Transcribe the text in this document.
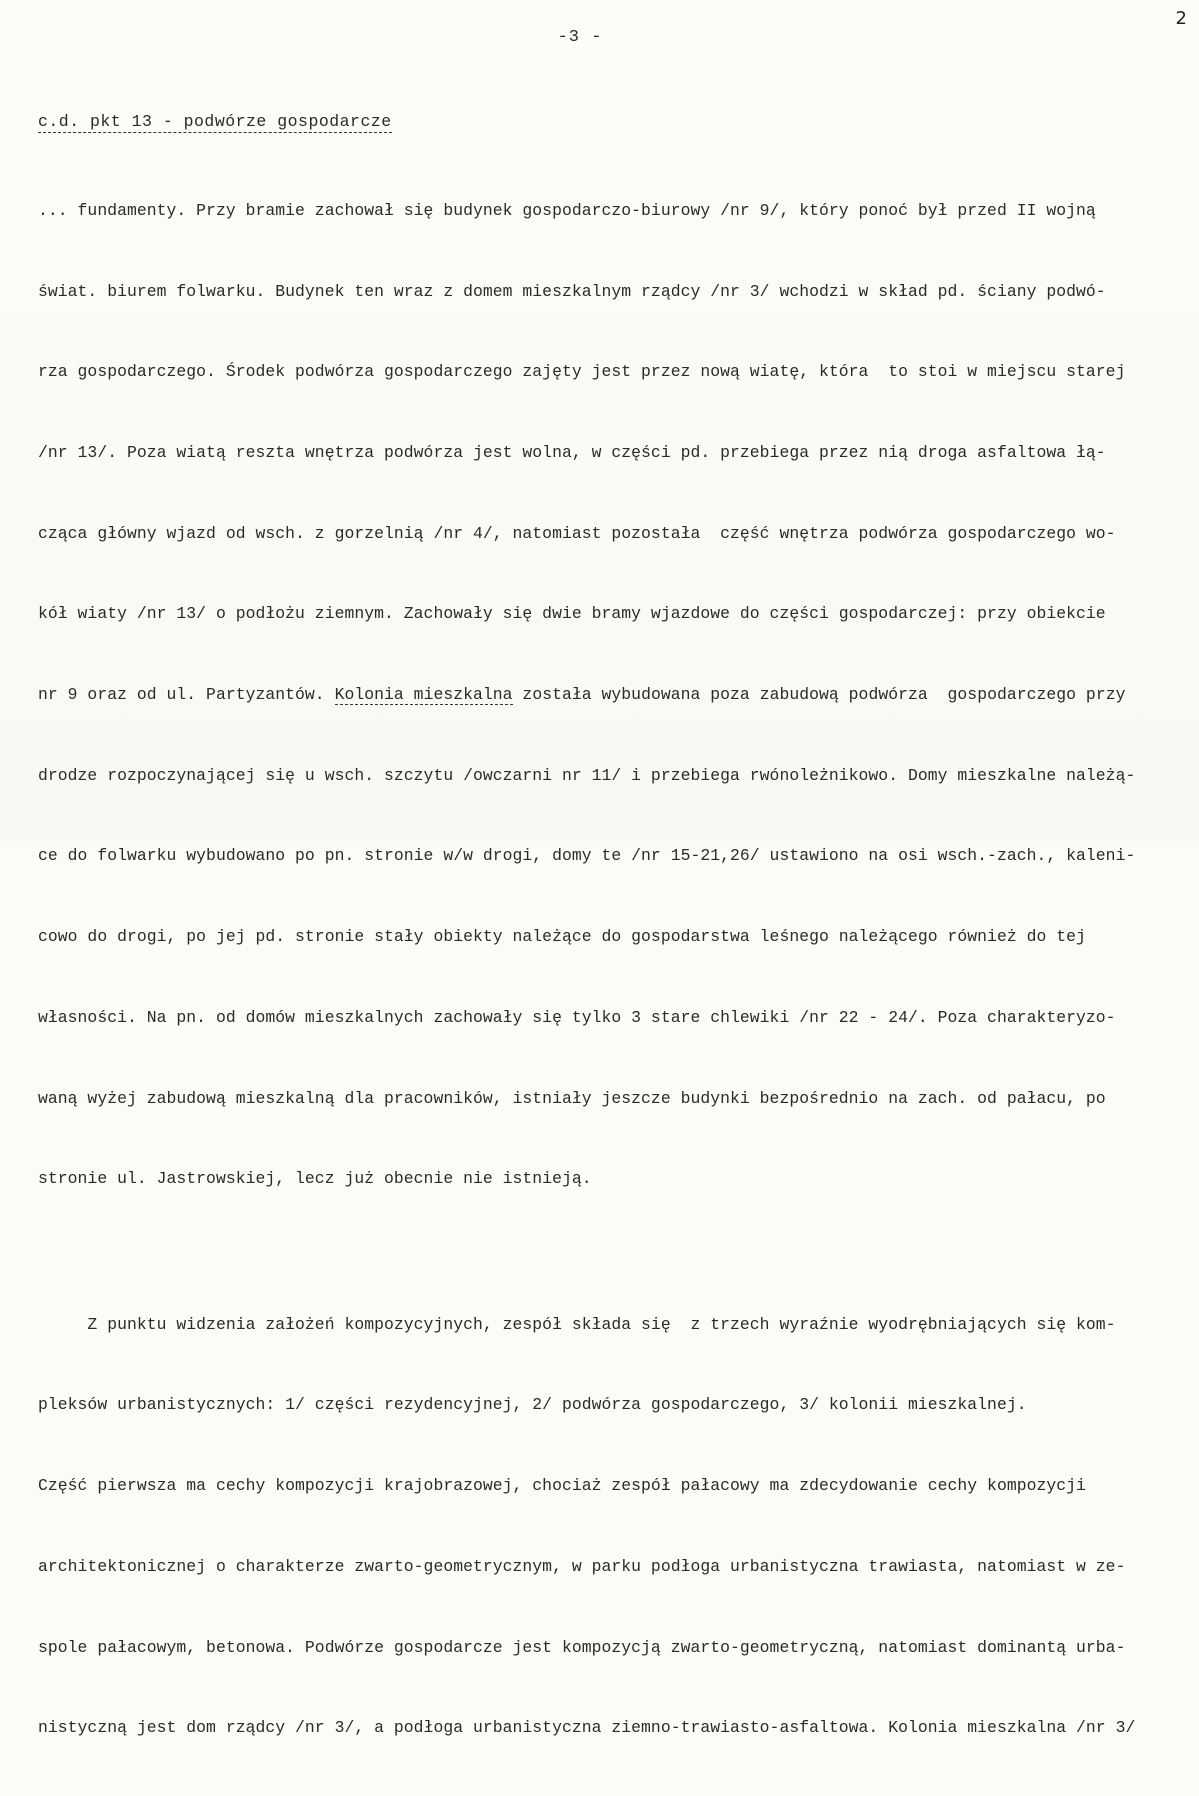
2
-3 -
c.d. pkt 13 - podwórze gospodarcze

... fundamenty. Przy bramie zachował się budynek gospodarczo-biurowy /nr 9/, który ponoć był przed II wojną

świat. biurem folwarku. Budynek ten wraz z domem mieszkalnym rządcy /nr 3/ wchodzi w skład pd. ściany podwó-

rza gospodarczego. Środek podwórza gospodarczego zajęty jest przez nową wiatę, która  to stoi w miejscu starej

/nr 13/. Poza wiatą reszta wnętrza podwórza jest wolna, w części pd. przebiega przez nią droga asfaltowa łą-

cząca główny wjazd od wsch. z gorzelnią /nr 4/, natomiast pozostała  część wnętrza podwórza gospodarczego wo-

kół wiaty /nr 13/ o podłożu ziemnym. Zachowały się dwie bramy wjazdowe do części gospodarczej: przy obiekcie

nr 9 oraz od ul. Partyzantów. Kolonia mieszkalna została wybudowana poza zabudową podwórza  gospodarczego przy

drodze rozpoczynającej się u wsch. szczytu /owczarni nr 11/ i przebiega rwónoleżnikowo. Domy mieszkalne należą-

ce do folwarku wybudowano po pn. stronie w/w drogi, domy te /nr 15-21,26/ ustawiono na osi wsch.-zach., kaleni-

cowo do drogi, po jej pd. stronie stały obiekty należące do gospodarstwa leśnego należącego również do tej

własności. Na pn. od domów mieszkalnych zachowały się tylko 3 stare chlewiki /nr 22 - 24/. Poza charakteryzo-

waną wyżej zabudową mieszkalną dla pracowników, istniały jeszcze budynki bezpośrednio na zach. od pałacu, po

stronie ul. Jastrowskiej, lecz już obecnie nie istnieją.

Z punktu widzenia założeń kompozycyjnych, zespół składa się  z trzech wyraźnie wyodrębniających się kom-

pleksów urbanistycznych: 1/ części rezydencyjnej, 2/ podwórza gospodarczego, 3/ kolonii mieszkalnej.

Część pierwsza ma cechy kompozycji krajobrazowej, chociaż zespół pałacowy ma zdecydowanie cechy kompozycji

architektonicznej o charakterze zwarto-geometrycznym, w parku podłoga urbanistyczna trawiasta, natomiast w ze-

spole pałacowym, betonowa. Podwórze gospodarcze jest kompozycją zwarto-geometryczną, natomiast dominantą urba-

nistyczną jest dom rządcy /nr 3/, a podłoga urbanistyczna ziemno-trawiasto-asfaltowa. Kolonia mieszkalna /nr 3/
